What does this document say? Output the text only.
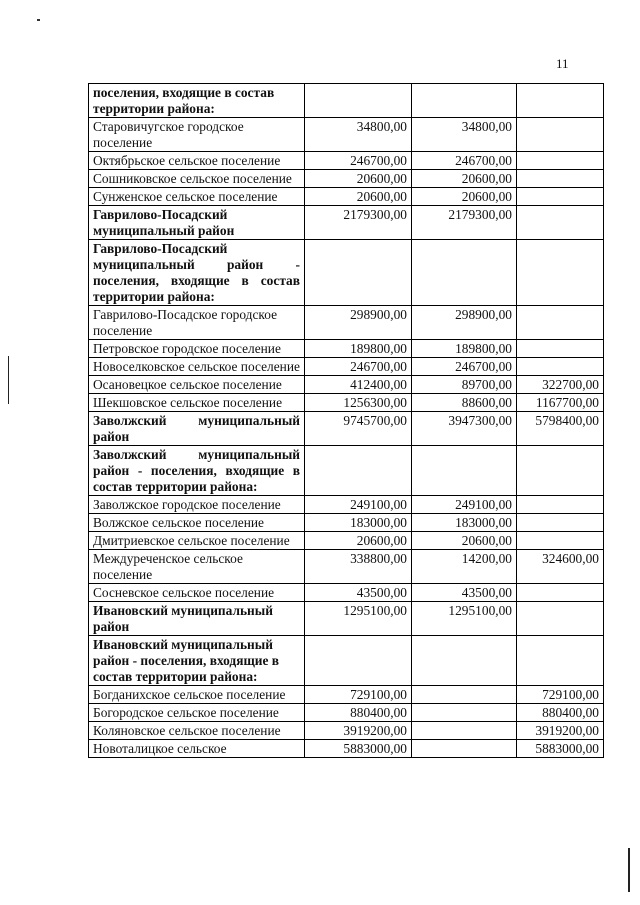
11
поселения, входящие в состав территории района:			
Старовичугское городское поселение	34800,00	34800,00	
Октябрьское сельское поселение	246700,00	246700,00	
Сошниковское сельское поселение	20600,00	20600,00	
Сунженское сельское поселение	20600,00	20600,00	
Гаврилово-Посадский муниципальный район	2179300,00	2179300,00	
Гаврилово-Посадский муниципальный район - поселения, входящие в состав территории района:			
Гаврилово-Посадское городское поселение	298900,00	298900,00	
Петровское городское поселение	189800,00	189800,00	
Новоселковское сельское поселение	246700,00	246700,00	
Осановецкое сельское поселение	412400,00	89700,00	322700,00
Шекшовское сельское поселение	1256300,00	88600,00	1167700,00
Заволжский муниципальный район	9745700,00	3947300,00	5798400,00
Заволжский муниципальный район - поселения, входящие в состав территории района:			
Заволжское городское поселение	249100,00	249100,00	
Волжское сельское поселение	183000,00	183000,00	
Дмитриевское сельское поселение	20600,00	20600,00	
Междуреченское сельское поселение	338800,00	14200,00	324600,00
Сосневское сельское поселение	43500,00	43500,00	
Ивановский муниципальный район	1295100,00	1295100,00	
Ивановский муниципальный район - поселения, входящие в состав территории района:			
Богданихское сельское поселение	729100,00		729100,00
Богородское сельское поселение	880400,00		880400,00
Коляновское сельское поселение	3919200,00		3919200,00
Новоталицкое сельское	5883000,00		5883000,00
